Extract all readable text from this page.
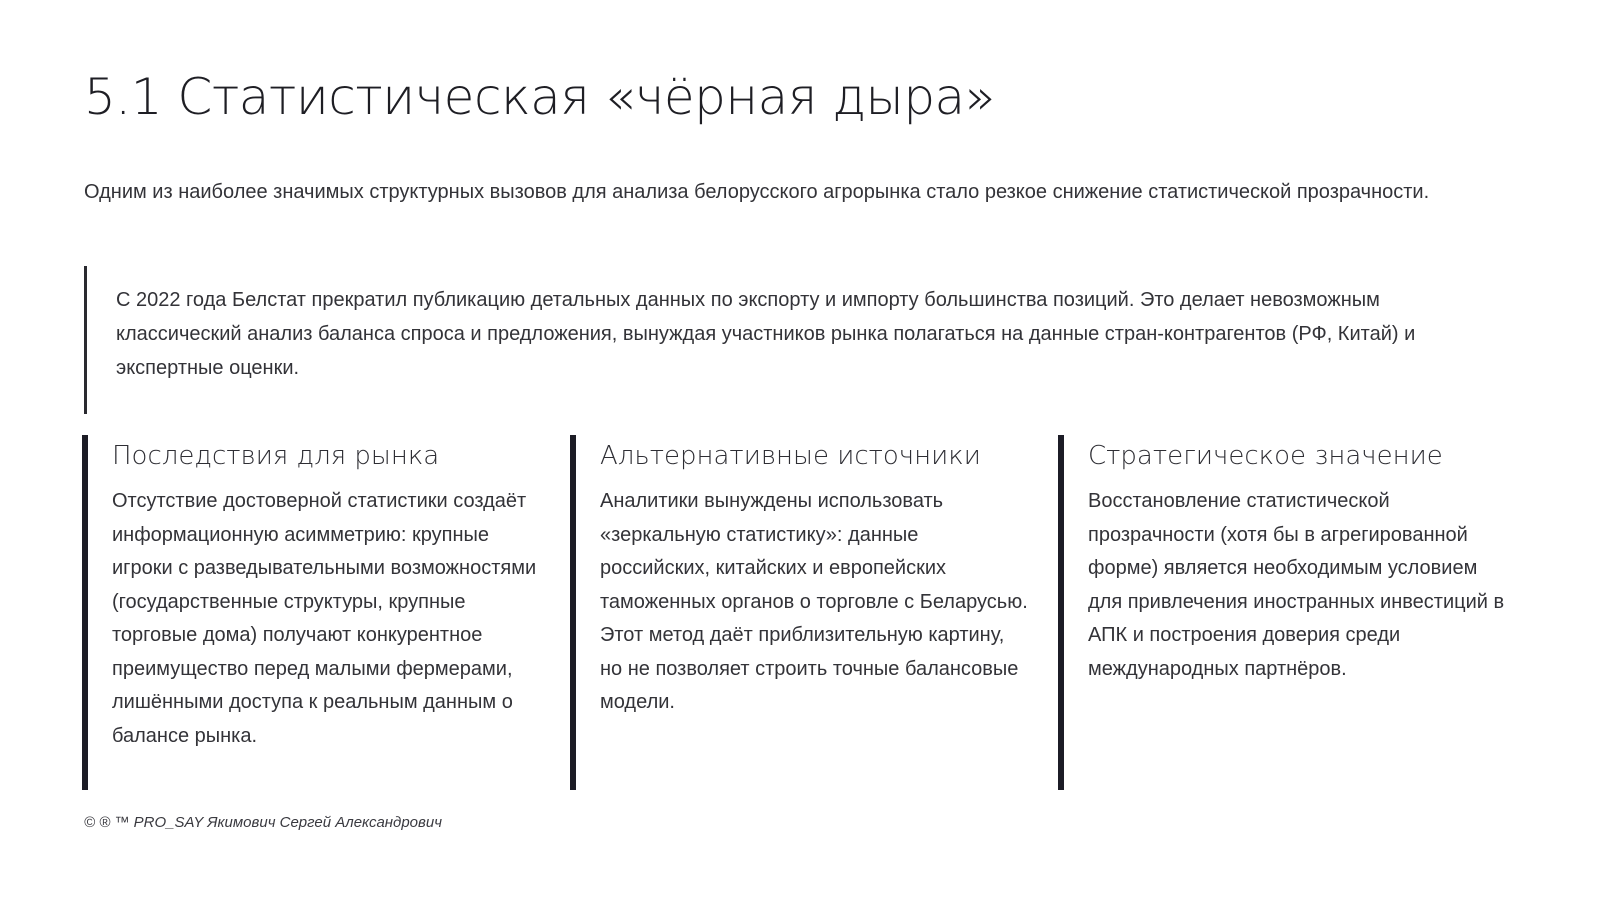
5.1 Статистическая «чёрная дыра»

Одним из наиболее значимых структурных вызовов для анализа белорусского агрорынка стало резкое снижение статистической прозрачности.

С 2022 года Белстат прекратил публикацию детальных данных по экспорту и импорту большинства позиций. Это делает невозможным классический анализ баланса спроса и предложения, вынуждая участников рынка полагаться на данные стран-контрагентов (РФ, Китай) и экспертные оценки.

Последствия для рынка

Отсутствие достоверной статистики создаёт информационную асимметрию: крупные игроки с разведывательными возможностями (государственные структуры, крупные торговые дома) получают конкурентное преимущество перед малыми фермерами, лишёнными доступа к реальным данным о балансе рынка.

Альтернативные источники

Аналитики вынуждены использовать «зеркальную статистику»: данные российских, китайских и европейских таможенных органов о торговле с Беларусью. Этот метод даёт приблизительную картину, но не позволяет строить точные балансовые модели.

Стратегическое значение

Восстановление статистической прозрачности (хотя бы в агрегированной форме) является необходимым условием для привлечения иностранных инвестиций в АПК и построения доверия среди международных партнёров.

© ® ™ PRO_SAY Якимович Сергей Александрович
